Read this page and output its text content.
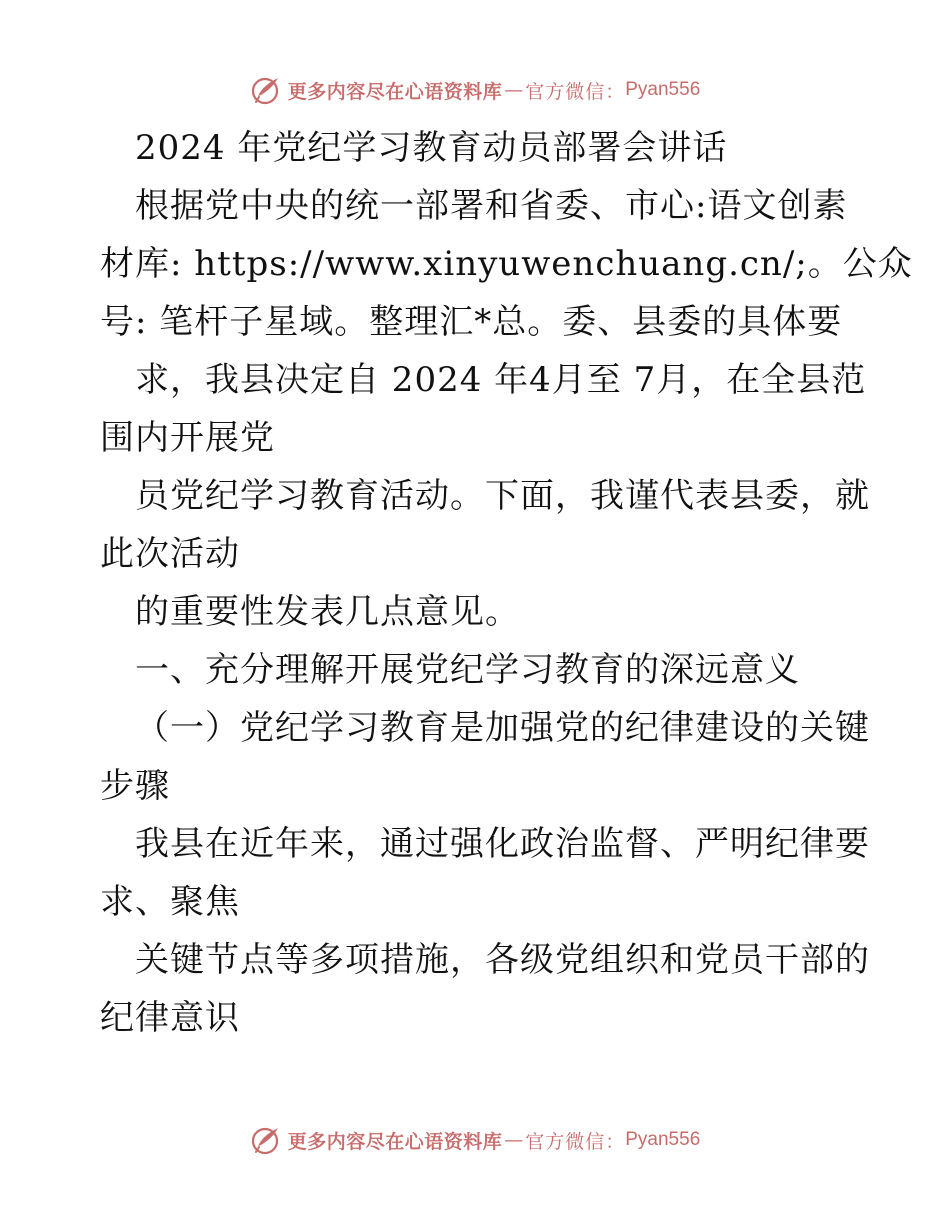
更多内容尽在心语资料库 — 官方微信： Pyan556
2024 年党纪学习教育动员部署会讲话
根据党中央的统一部署和省委、市心:语文创素
材库: https://www.xinyuwenchuang.cn/;。公众
号: 笔杆子星域。整理汇*总。委、县委的具体要
求，我县决定自 2024 年4月至 7月，在全县范
围内开展党
员党纪学习教育活动。下面，我谨代表县委，就
此次活动
的重要性发表几点意见。
一、充分理解开展党纪学习教育的深远意义
（一）党纪学习教育是加强党的纪律建设的关键
步骤
我县在近年来，通过强化政治监督、严明纪律要
求、聚焦
关键节点等多项措施，各级党组织和党员干部的
纪律意识
更多内容尽在心语资料库 — 官方微信： Pyan556
